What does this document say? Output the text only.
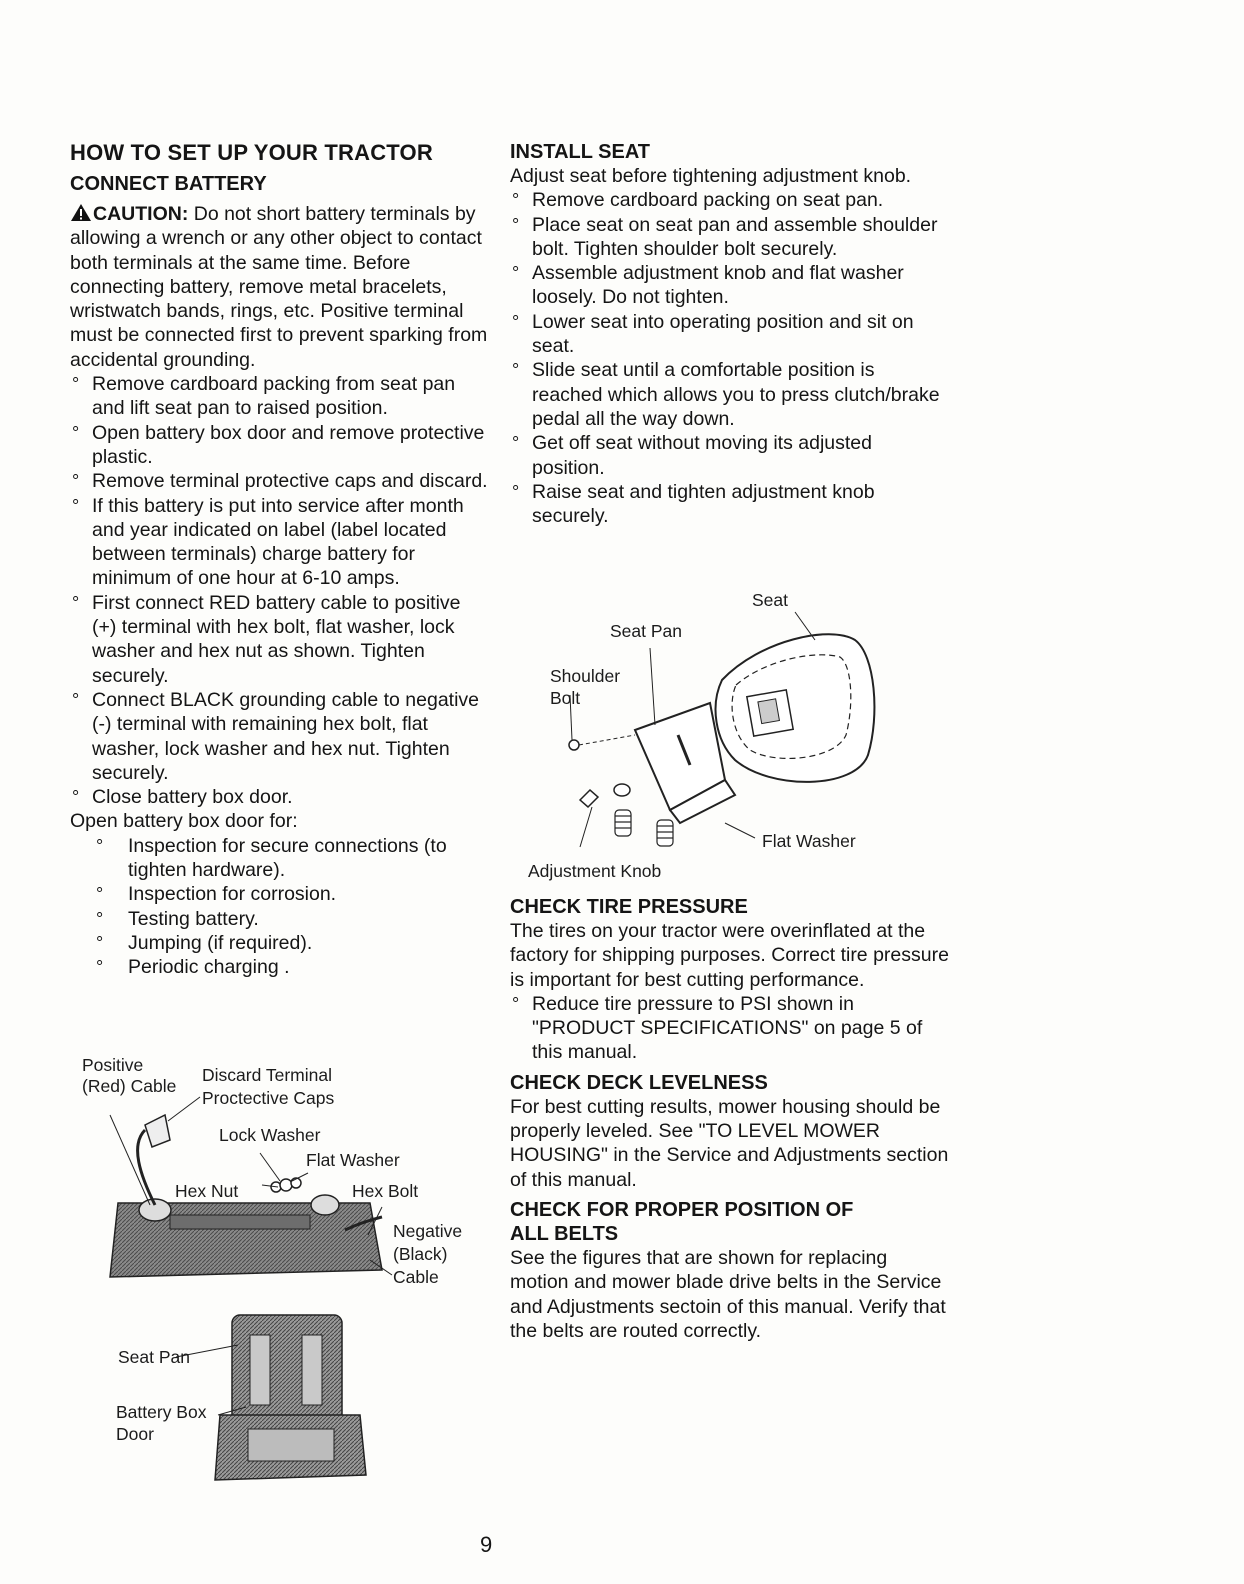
HOW TO SET UP YOUR TRACTOR
CONNECT BATTERY

CAUTION: Do not short battery terminals by allowing a wrench or any other object to contact both terminals at the same time. Before connecting battery, remove metal bracelets, wristwatch bands, rings, etc. Positive terminal must be connected first to prevent sparking from accidental grounding.

° Remove cardboard packing from seat pan and lift seat pan to raised position.
° Open battery box door and remove protective plastic.
° Remove terminal protective caps and discard.
° If this battery is put into service after month and year indicated on label (label located between terminals) charge battery for minimum of one hour at 6-10 amps.
° First connect RED battery cable to positive (+) terminal with hex bolt, flat washer, lock washer and hex nut as shown. Tighten securely.
° Connect BLACK grounding cable to negative (-) terminal with remaining hex bolt, flat washer, lock washer and hex nut. Tighten securely.
° Close battery box door.

Open battery box door for:

° Inspection for secure connections (to tighten hardware).
° Inspection for corrosion.
° Testing battery.
° Jumping (if required).
° Periodic charging .
Positive
(Red) Cable
Discard Terminal
Proctective Caps
Lock Washer
Flat Washer
Hex Nut	Hex Bolt
Negative
(Black)
Cable
Seat Pan
Battery Box
Door
INSTALL SEAT

Adjust seat before tightening adjustment knob.

° Remove cardboard packing on seat pan.
° Place seat on seat pan and assemble shoulder bolt. Tighten shoulder bolt securely.
° Assemble adjustment knob and flat washer loosely. Do not tighten.
° Lower seat into operating position and sit on seat.
° Slide seat until a comfortable position is reached which allows you to press clutch/brake pedal all the way down.
° Get off seat without moving its adjusted position.
° Raise seat and tighten adjustment knob securely.
Seat
Seat Pan
Shoulder
Bolt
Flat Washer
Adjustment Knob
CHECK TIRE PRESSURE

The tires on your tractor were overinflated at the factory for shipping purposes. Correct tire pressure is important for best cutting performance.

° Reduce tire pressure to PSI shown in "PRODUCT SPECIFICATIONS" on page 5 of this manual.
CHECK DECK LEVELNESS

For best cutting results, mower housing should be properly leveled. See "TO LEVEL MOWER HOUSING" in the Service and Adjustments section of this manual.

CHECK FOR PROPER POSITION OF
ALL BELTS

See the figures that are shown for replacing motion and mower blade drive belts in the Service and Adjustments sectoin of this manual. Verify that the belts are routed correctly.

9
